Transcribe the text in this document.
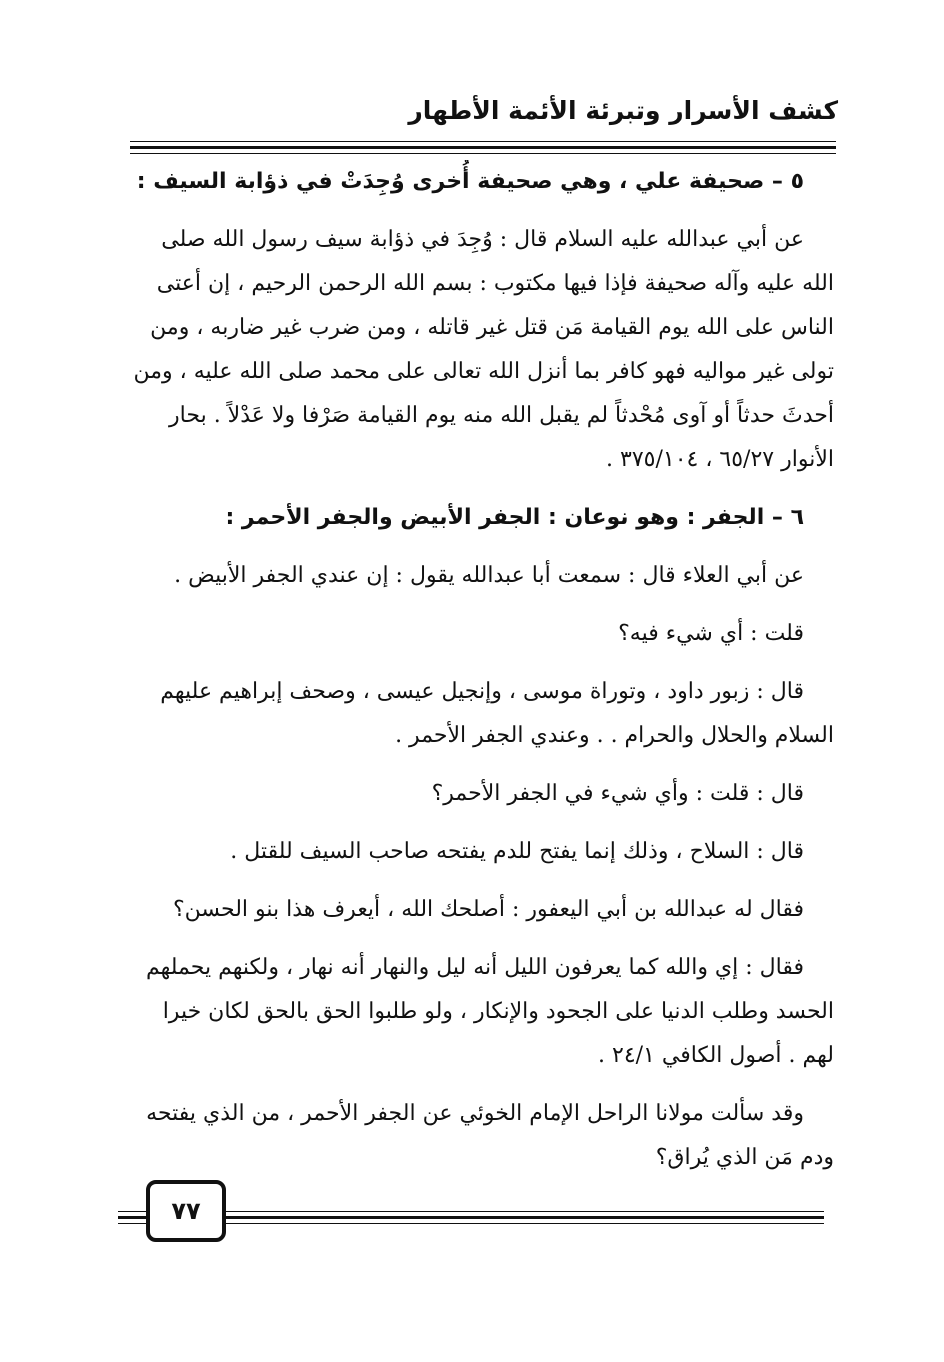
كشف الأسرار وتبرئة الأئمة الأطهار

٥ – صحيفة علي ، وهي صحيفة أُخرى وُجِدَتْ في ذؤابة السيف :

عن أبي عبدالله عليه السلام قال : وُجِدَ في ذؤابة سيف رسول الله صلى
الله عليه وآله صحيفة فإذا فيها مكتوب : بسم الله الرحمن الرحيم ، إن أعتى
الناس على الله يوم القيامة مَن قتل غير قاتله ، ومن ضرب غير ضاربه ، ومن
تولى غير مواليه فهو كافر بما أنزل الله تعالى على محمد صلى الله عليه ، ومن
أحدثَ حدثاً أو آوى مُحْدثاً لم يقبل الله منه يوم القيامة صَرْفا ولا عَدْلاً . بحار
الأنوار ٦٥/٢٧ ، ٣٧٥/١٠٤ .

٦ – الجفر : وهو نوعان : الجفر الأبيض والجفر الأحمر :

عن أبي العلاء قال : سمعت أبا عبدالله يقول : إن عندي الجفر الأبيض .

قلت : أي شيء فيه؟

قال : زبور داود ، وتوراة موسى ، وإنجيل عيسى ، وصحف إبراهيم عليهم
السلام والحلال والحرام . . وعندي الجفر الأحمر .

قال : قلت : وأي شيء في الجفر الأحمر؟

قال : السلاح ، وذلك إنما يفتح للدم يفتحه صاحب السيف للقتل .

فقال له عبدالله بن أبي اليعفور : أصلحك الله ، أيعرف هذا بنو الحسن؟

فقال : إي والله كما يعرفون الليل أنه ليل والنهار أنه نهار ، ولكنهم يحملهم
الحسد وطلب الدنيا على الجحود والإنكار ، ولو طلبوا الحق بالحق لكان خيرا
لهم . أصول الكافي ٢٤/١ .

وقد سألت مولانا الراحل الإمام الخوئي عن الجفر الأحمر ، من الذي يفتحه
ودم مَن الذي يُراق؟

٧٧
